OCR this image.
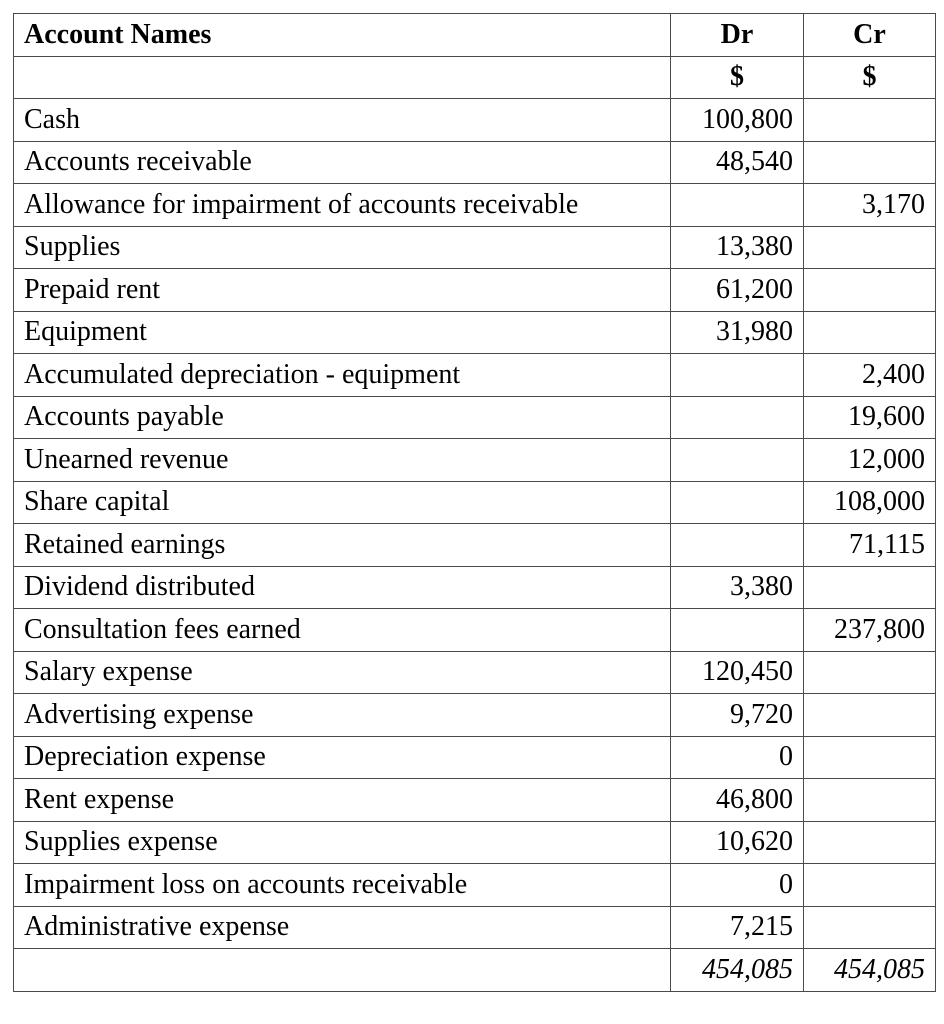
Account Names	Dr	Cr
	$	$
Cash	100,800	
Accounts receivable	48,540	
Allowance for impairment of accounts receivable		3,170
Supplies	13,380	
Prepaid rent	61,200	
Equipment	31,980	
Accumulated depreciation - equipment		2,400
Accounts payable		19,600
Unearned revenue		12,000
Share capital		108,000
Retained earnings		71,115
Dividend distributed	3,380	
Consultation fees earned		237,800
Salary expense	120,450	
Advertising expense	9,720	
Depreciation expense	0	
Rent expense	46,800	
Supplies expense	10,620	
Impairment loss on accounts receivable	0	
Administrative expense	7,215	
	454,085	454,085
